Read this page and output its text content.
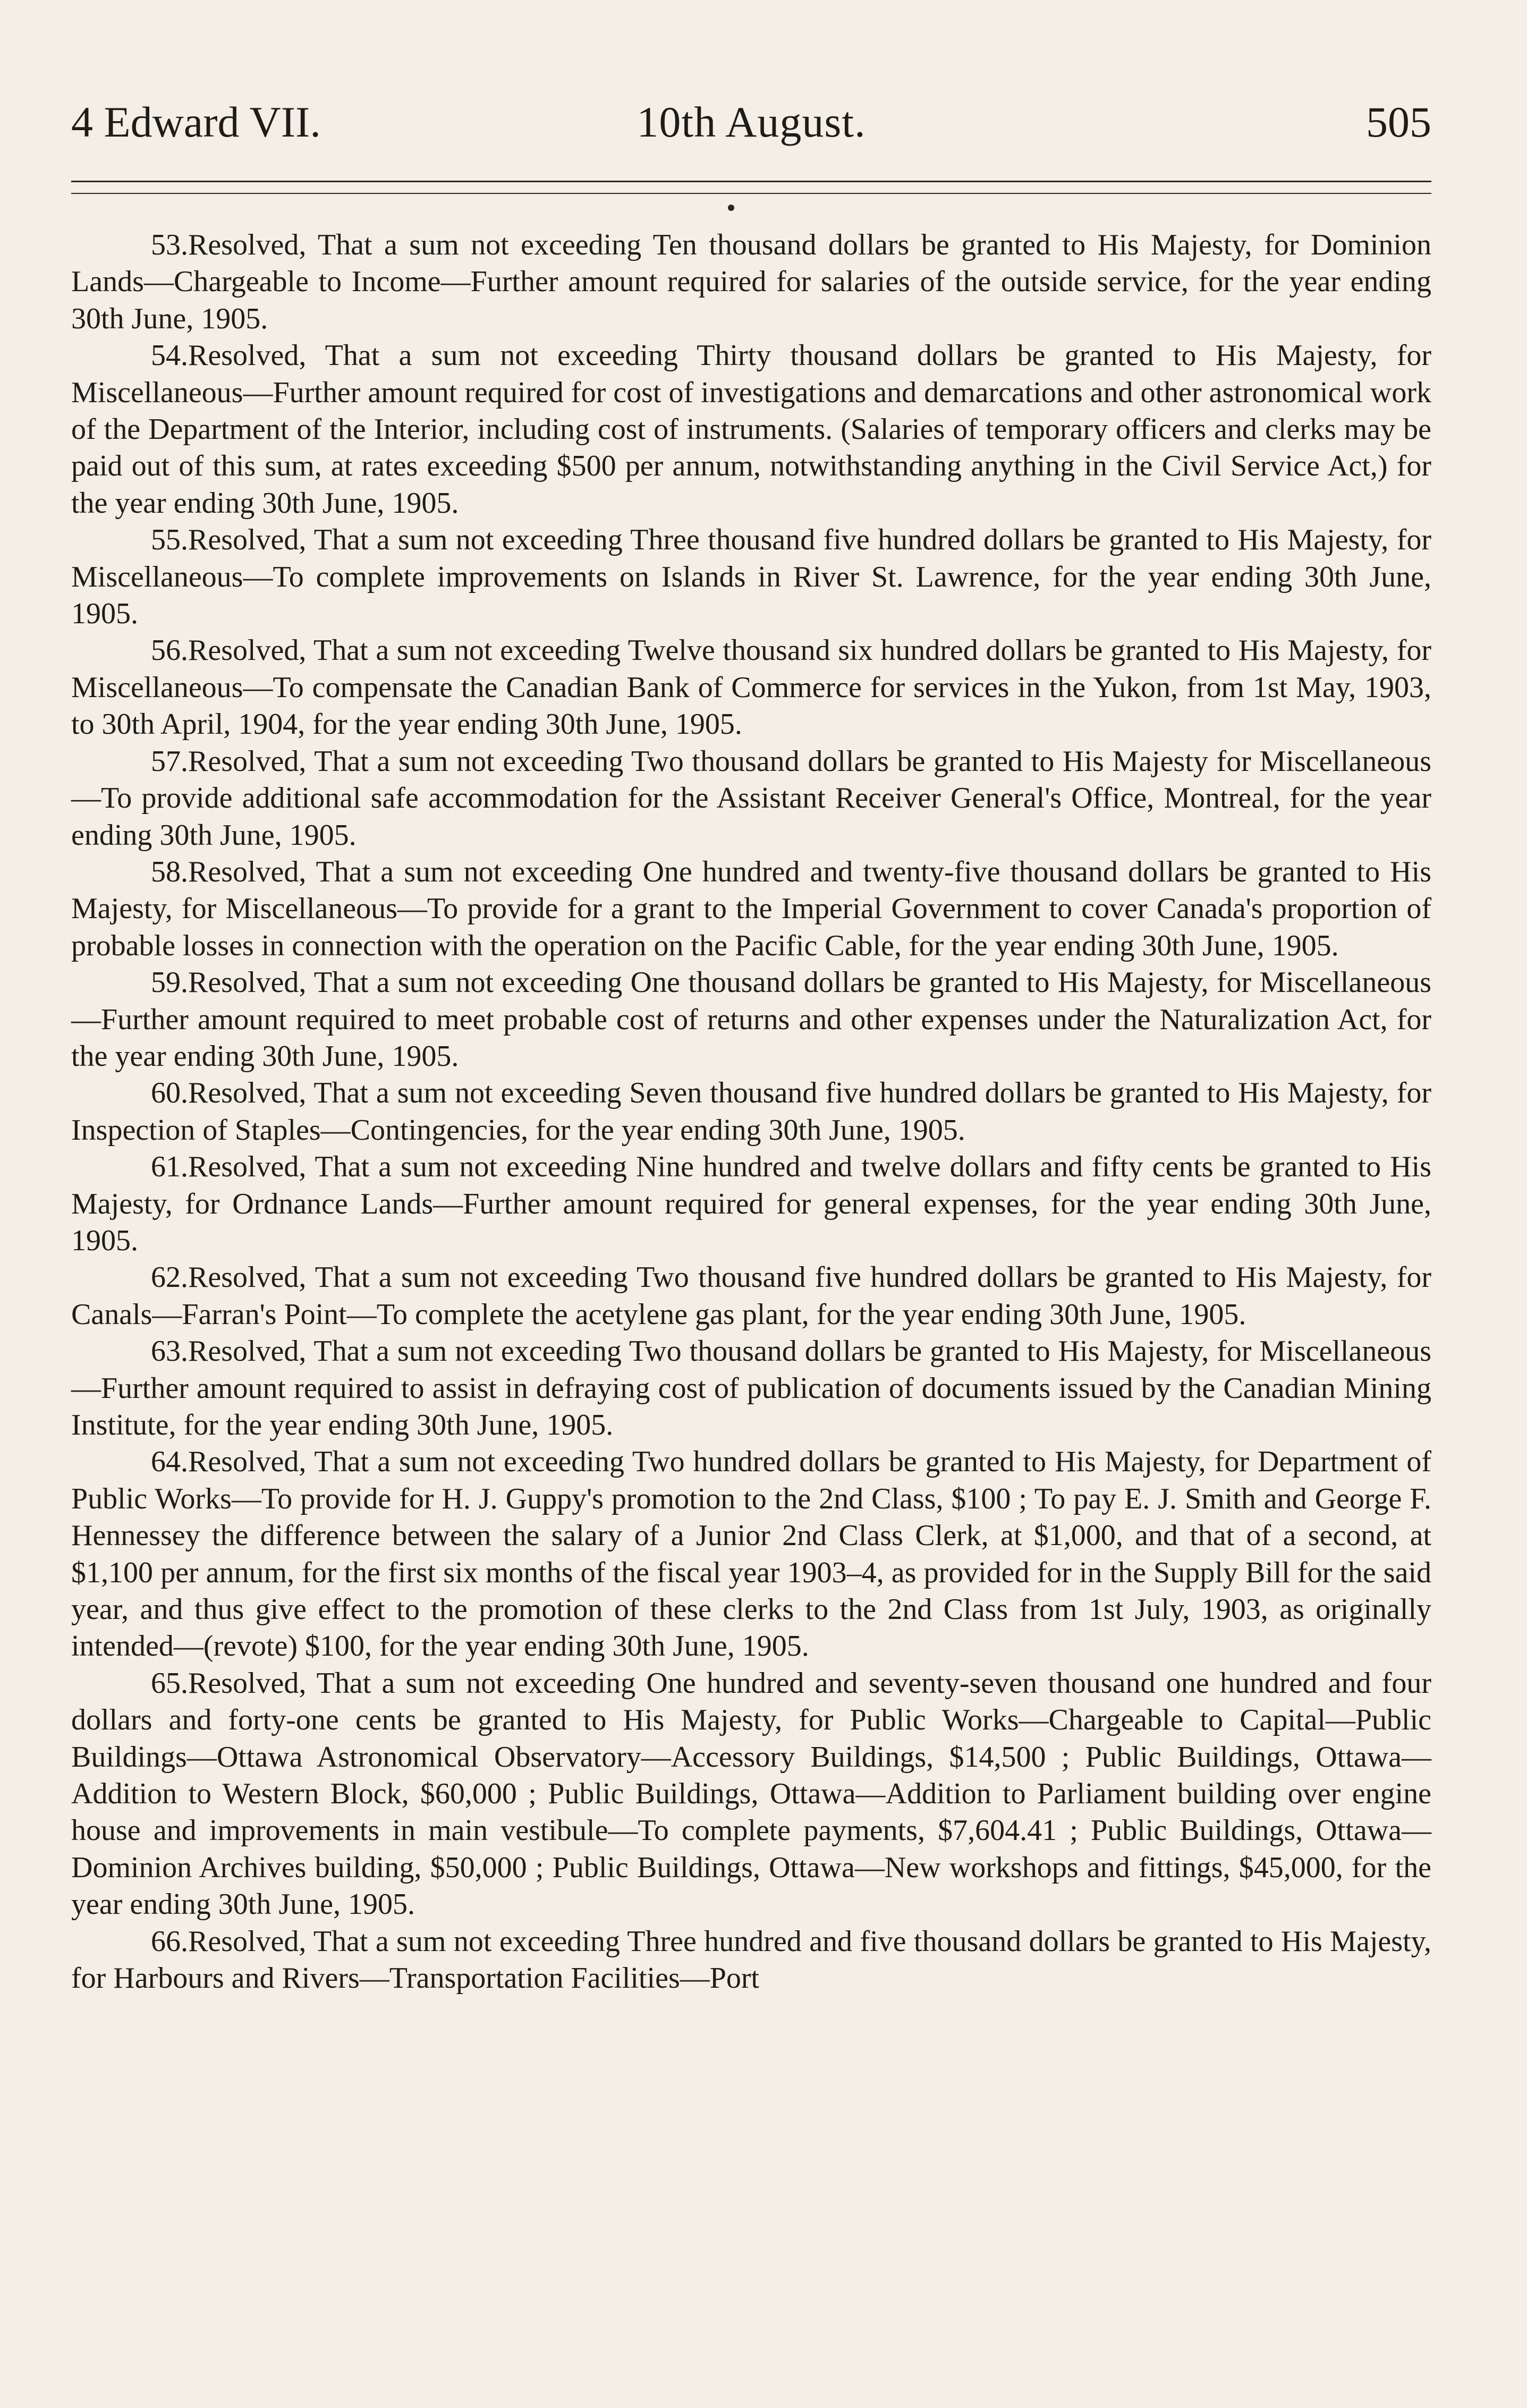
4 Edward VII.	10th August.	505

53.Resolved, That a sum not exceeding Ten thousand dollars be granted to His Majesty, for Dominion Lands—Chargeable to Income—Further amount required for salaries of the outside service, for the year ending 30th June, 1905.

54.Resolved, That a sum not exceeding Thirty thousand dollars be granted to His Majesty, for Miscellaneous—Further amount required for cost of investigations and demarcations and other astronomical work of the Department of the Interior, including cost of instruments. (Salaries of temporary officers and clerks may be paid out of this sum, at rates exceeding $500 per annum, notwithstanding anything in the Civil Service Act,) for the year ending 30th June, 1905.

55.Resolved, That a sum not exceeding Three thousand five hundred dollars be granted to His Majesty, for Miscellaneous—To complete improvements on Islands in River St. Lawrence, for the year ending 30th June, 1905.

56.Resolved, That a sum not exceeding Twelve thousand six hundred dollars be granted to His Majesty, for Miscellaneous—To compensate the Canadian Bank of Commerce for services in the Yukon, from 1st May, 1903, to 30th April, 1904, for the year ending 30th June, 1905.

57.Resolved, That a sum not exceeding Two thousand dollars be granted to His Majesty for Miscellaneous—To provide additional safe accommodation for the Assistant Receiver General's Office, Montreal, for the year ending 30th June, 1905.

58.Resolved, That a sum not exceeding One hundred and twenty-five thousand dollars be granted to His Majesty, for Miscellaneous—To provide for a grant to the Imperial Government to cover Canada's proportion of probable losses in connection with the operation on the Pacific Cable, for the year ending 30th June, 1905.

59.Resolved, That a sum not exceeding One thousand dollars be granted to His Majesty, for Miscellaneous—Further amount required to meet probable cost of returns and other expenses under the Naturalization Act, for the year ending 30th June, 1905.

60.Resolved, That a sum not exceeding Seven thousand five hundred dollars be granted to His Majesty, for Inspection of Staples—Contingencies, for the year ending 30th June, 1905.

61.Resolved, That a sum not exceeding Nine hundred and twelve dollars and fifty cents be granted to His Majesty, for Ordnance Lands—Further amount required for general expenses, for the year ending 30th June, 1905.

62.Resolved, That a sum not exceeding Two thousand five hundred dollars be granted to His Majesty, for Canals—Farran's Point—To complete the acetylene gas plant, for the year ending 30th June, 1905.

63.Resolved, That a sum not exceeding Two thousand dollars be granted to His Majesty, for Miscellaneous—Further amount required to assist in defraying cost of publication of documents issued by the Canadian Mining Institute, for the year ending 30th June, 1905.

64.Resolved, That a sum not exceeding Two hundred dollars be granted to His Majesty, for Department of Public Works—To provide for H. J. Guppy's promotion to the 2nd Class, $100 ; To pay E. J. Smith and George F. Hennessey the difference between the salary of a Junior 2nd Class Clerk, at $1,000, and that of a second, at $1,100 per annum, for the first six months of the fiscal year 1903–4, as provided for in the Supply Bill for the said year, and thus give effect to the promotion of these clerks to the 2nd Class from 1st July, 1903, as originally intended—(revote) $100, for the year ending 30th June, 1905.

65.Resolved, That a sum not exceeding One hundred and seventy-seven thousand one hundred and four dollars and forty-one cents be granted to His Majesty, for Public Works—Chargeable to Capital—Public Buildings—Ottawa Astronomical Observatory—Accessory Buildings, $14,500 ; Public Buildings, Ottawa—Addition to Western Block, $60,000 ; Public Buildings, Ottawa—Addition to Parliament building over engine house and improvements in main vestibule—To complete payments, $7,604.41 ; Public Buildings, Ottawa—Dominion Archives building, $50,000 ; Public Buildings, Ottawa—New workshops and fittings, $45,000, for the year ending 30th June, 1905.

66.Resolved, That a sum not exceeding Three hundred and five thousand dollars be granted to His Majesty, for Harbours and Rivers—Transportation Facilities—Port
